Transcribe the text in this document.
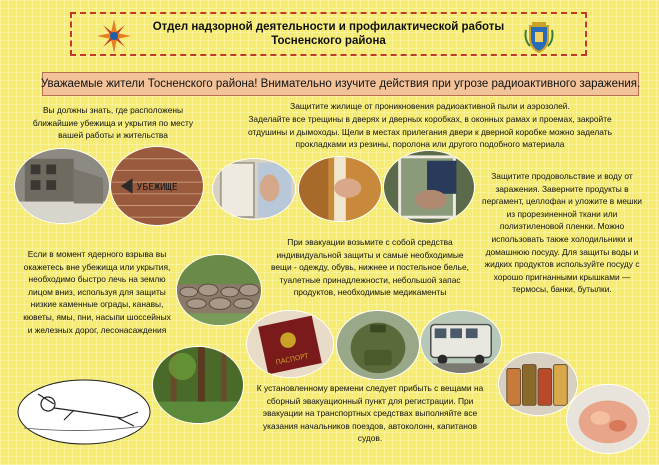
Отдел надзорной деятельности и профилактической работы
Тосненского района
Уважаемые жители Тосненского района! Внимательно изучите действия при угрозе радиоактивного заражения.
Вы должны знать, где расположены ближайшие убежища и укрытия по месту вашей работы и жительства
Защитите жилище от проникновения радиоактивной пыли и аэрозолей.
Заделайте все трещины в дверях и дверных коробках, в оконных рамах и проемах, закройте отдушины и дымоходы. Щели в местах прилегания двери к дверной коробке можно заделать прокладками из резины, поролона или другого подобного материала
УБЕЖИЩЕ
Защитите продовольствие и воду от заражения. Заверните продукты в пергамент, целлофан и уложите в мешки из прорезиненной ткани или полиэтиленовой пленки. Можно использовать также холодильники и домашнюю посуду. Для защиты воды и жидких продуктов используйте посуду с хорошо пригнанными крышками — термосы, банки, бутылки.
Если в момент ядерного взрыва вы окажетесь вне убежища или укрытия, необходимо быстро лечь на землю лицом вниз, используя для защиты низкие каменные ограды, канавы, кюветы, ямы, пни, насыпи шоссейных и железных дорог, лесонасаждения
При эвакуации возьмите с собой средства индивидуальной защиты и самые необходимые вещи - одежду, обувь, нижнее и постельное белье, туалетные принадлежности, небольшой запас продуктов, необходимые медикаменты
ПАСПОРТ
К установленному времени следует прибыть с вещами на сборный эвакуационный пункт для регистрации. При эвакуации на транспортных средствах выполняйте все указания начальников поездов, автоколонн, капитанов судов.
